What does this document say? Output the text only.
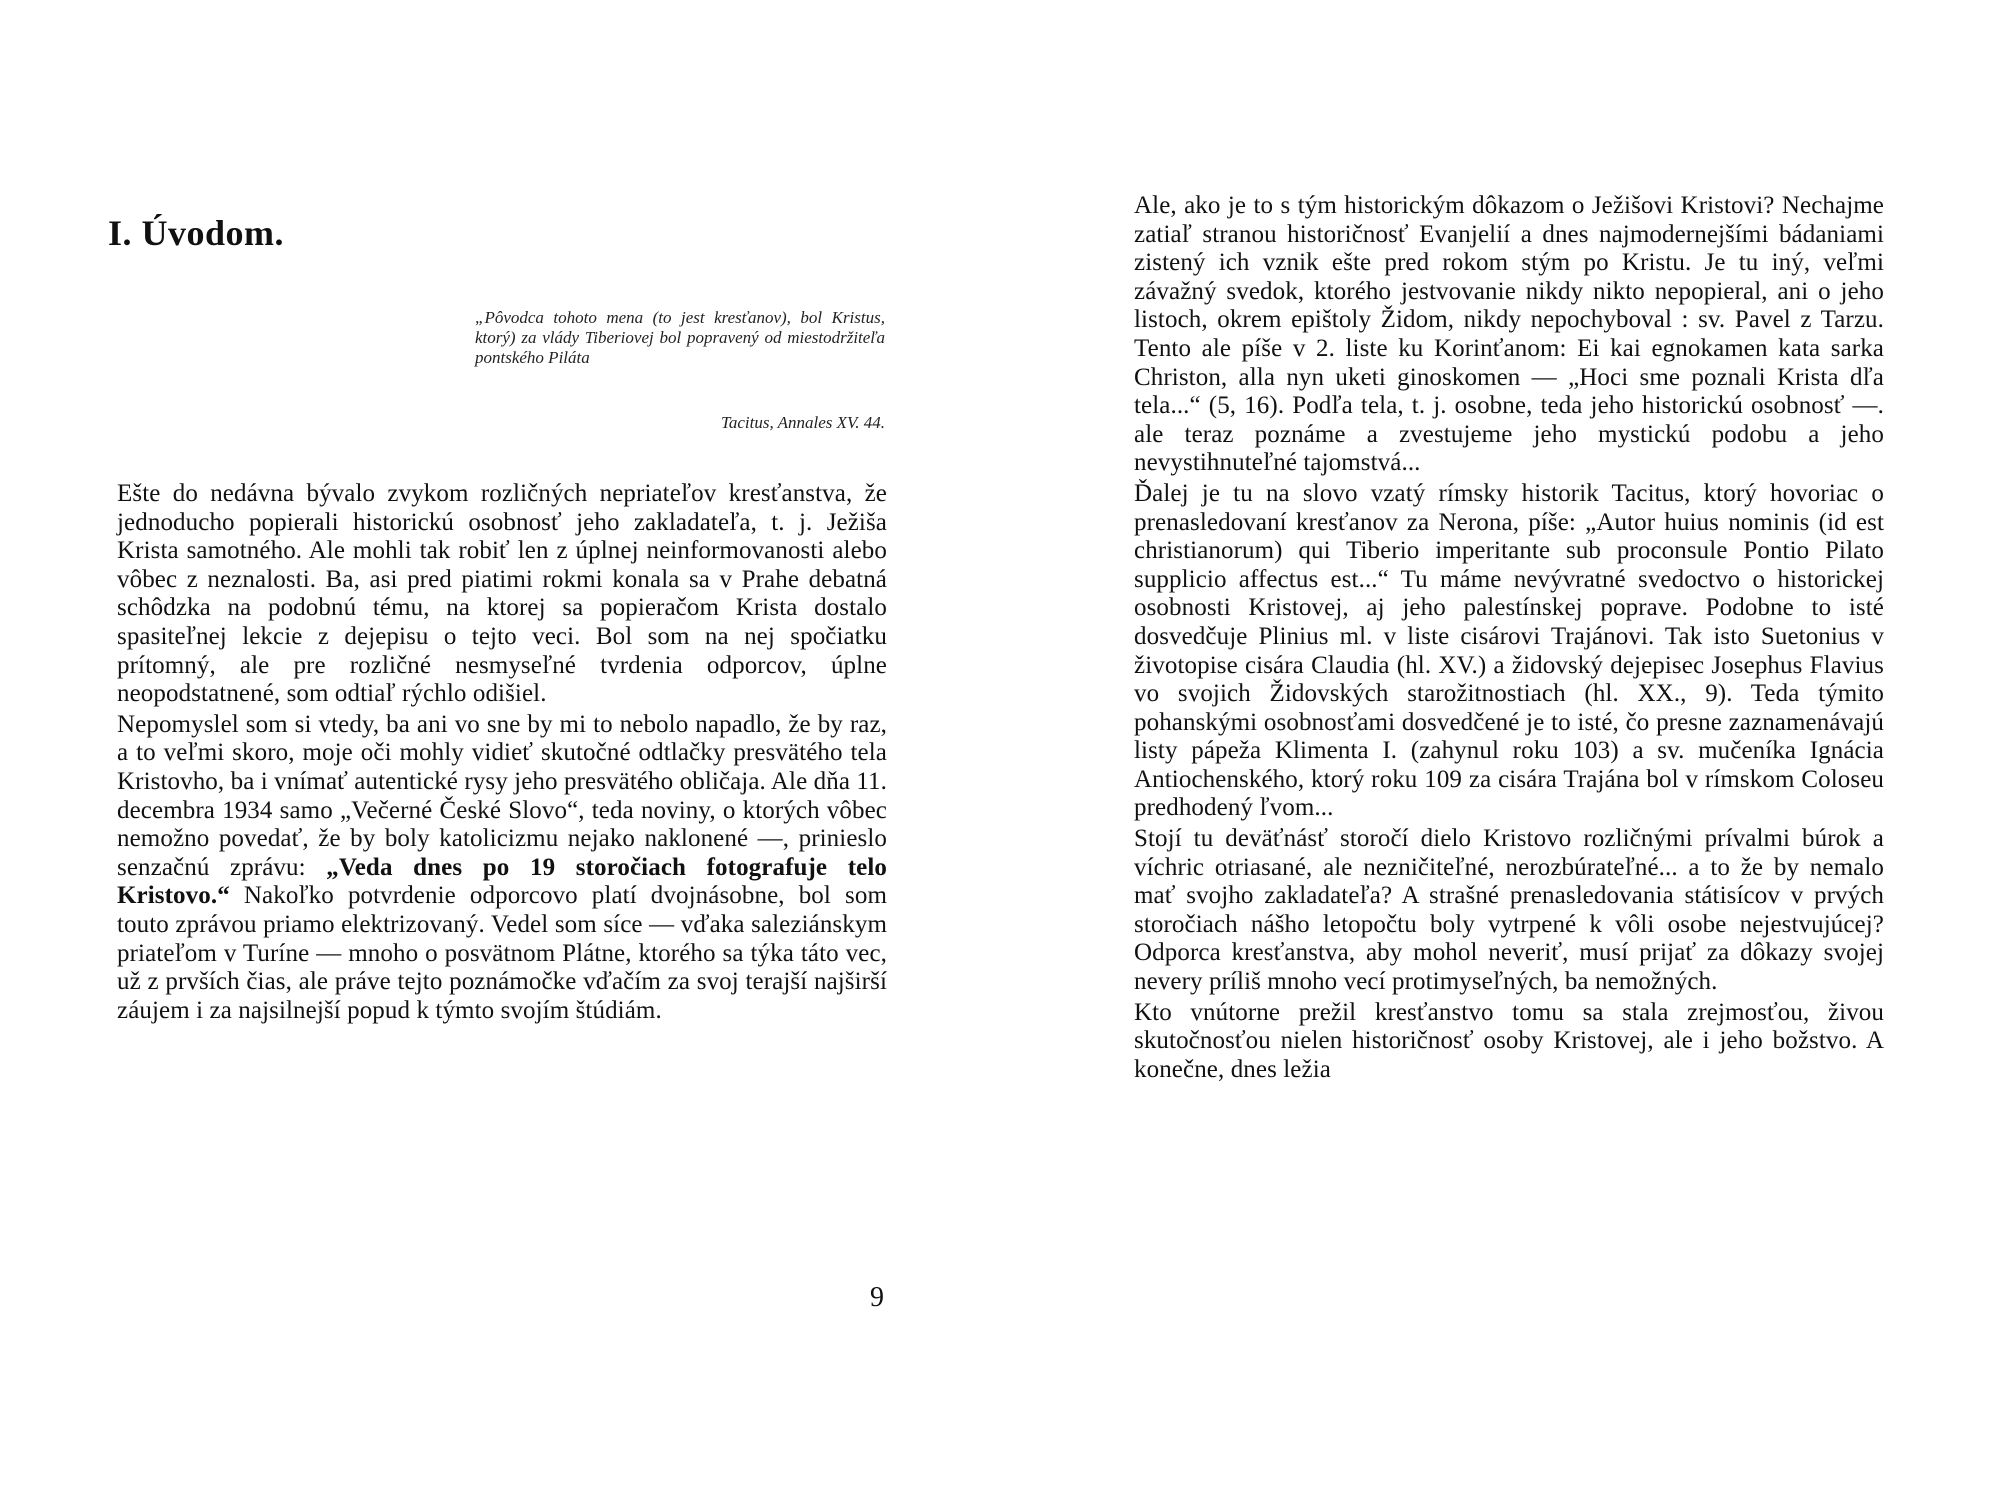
I. Úvodom.
„Pôvodca tohoto mena (to jest kresťanov), bol Kristus, ktorý) za vlády Tiberiovej bol popravený od miestodržiteľa pontského Piláta
Tacitus, Annales XV. 44.

Ešte do nedávna bývalo zvykom rozličných nepriateľov kresťanstva, že jednoducho popierali historickú osobnosť jeho zakladateľa, t. j. Ježiša Krista samotného. Ale mohli tak robiť len z úplnej neinformovanosti alebo vôbec z neznalosti. Ba, asi pred piatimi rokmi konala sa v Prahe debatná schôdzka na podobnú tému, na ktorej sa popieračom Krista dostalo spasiteľnej lekcie z dejepisu o tejto veci. Bol som na nej spočiatku prítomný, ale pre rozličné nesmyseľné tvrdenia odporcov, úplne neopodstatnené, som odtiaľ rýchlo odišiel.

Nepomyslel som si vtedy, ba ani vo sne by mi to nebolo napadlo, že by raz, a to veľmi skoro, moje oči mohly vidieť skutočné odtlačky presvätého tela Kristovho, ba i vnímať autentické rysy jeho presvätého obličaja. Ale dňa 11. decembra 1934 samo „Večerné České Slovo“, teda noviny, o ktorých vôbec nemožno povedať, že by boly katolicizmu nejako naklonené —, prinieslo senzačnú zprávu: „Veda dnes po 19 storočiach fotografuje telo Kristovo.“ Nakoľko potvrdenie odporcovo platí dvojnásobne, bol som touto zprávou priamo elektrizovaný. Vedel som síce — vďaka saleziánskym priateľom v Turíne — mnoho o posvätnom Plátne, ktorého sa týka táto vec, už z prvších čias, ale práve tejto poznámočke vďačím za svoj terajší najširší záujem i za najsilnejší popud k týmto svojím štúdiám.

9

Ale, ako je to s tým historickým dôkazom o Ježišovi Kristovi? Nechajme zatiaľ stranou historičnosť Evanjelií a dnes najmodernejšími bádaniami zistený ich vznik ešte pred rokom stým po Kristu. Je tu iný, veľmi závažný svedok, ktorého jestvovanie nikdy nikto nepopieral, ani o jeho listoch, okrem epištoly Židom, nikdy nepochyboval : sv. Pavel z Tarzu. Tento ale píše v 2. liste ku Korinťanom: Ei kai egnokamen kata sarka Christon, alla nyn uketi ginoskomen — „Hoci sme poznali Krista dľa tela...“ (5, 16). Podľa tela, t. j. osobne, teda jeho historickú osobnosť —. ale teraz poznáme a zvestujeme jeho mystickú podobu a jeho nevystihnuteľné tajomstvá...

Ďalej je tu na slovo vzatý rímsky historik Tacitus, ktorý hovoriac o prenasledovaní kresťanov za Nerona, píše: „Autor huius nominis (id est christianorum) qui Tiberio imperitante sub proconsule Pontio Pilato supplicio affectus est...“ Tu máme nevývratné svedoctvo o historickej osobnosti Kristovej, aj jeho palestínskej poprave. Podobne to isté dosvedčuje Plinius ml. v liste cisárovi Trajánovi. Tak isto Suetonius v životopise cisára Claudia (hl. XV.) a židovský dejepisec Josephus Flavius vo svojich Židovských starožitnostiach (hl. XX., 9). Teda týmito pohanskými osobnosťami dosvedčené je to isté, čo presne zaznamenávajú listy pápeža Klimenta I. (zahynul roku 103) a sv. mučeníka Ignácia Antiochenského, ktorý roku 109 za cisára Trajána bol v rímskom Coloseu predhodený ľvom...

Stojí tu deväťnásť storočí dielo Kristovo rozličnými prívalmi búrok a víchric otriasané, ale nezničiteľné, nerozbúrateľné... a to že by nemalo mať svojho zakladateľa? A strašné prenasledovania státisícov v prvých storočiach nášho letopočtu boly vytrpené k vôli osobe nejestvujúcej? Odporca kresťanstva, aby mohol neveriť, musí prijať za dôkazy svojej nevery príliš mnoho vecí protimyseľných, ba nemožných.

Kto vnútorne prežil kresťanstvo tomu sa stala zrejmosťou, živou skutočnosťou nielen historičnosť osoby Kristovej, ale i jeho božstvo. A konečne, dnes ležia
